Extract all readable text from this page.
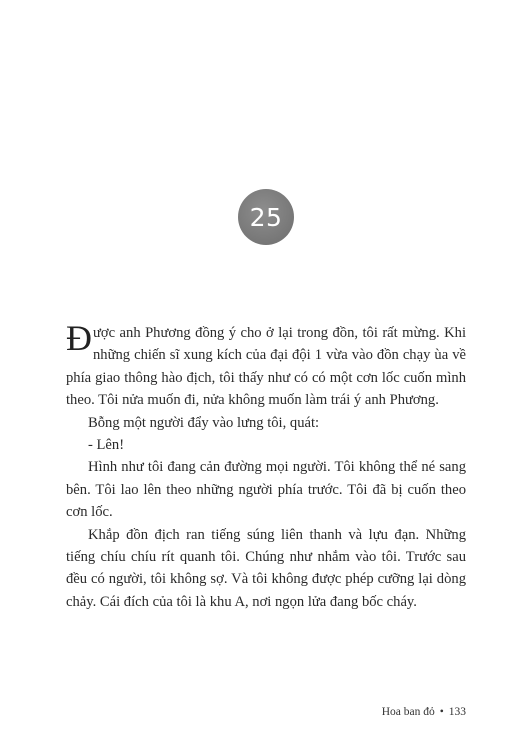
25

Được anh Phương đồng ý cho ở lại trong đồn, tôi rất mừng. Khi những chiến sĩ xung kích của đại đội 1 vừa vào đồn chạy ùa về phía giao thông hào địch, tôi thấy như có có một cơn lốc cuốn mình theo. Tôi nửa muốn đi, nửa không muốn làm trái ý anh Phương.

Bỗng một người đẩy vào lưng tôi, quát:

- Lên!

Hình như tôi đang cản đường mọi người. Tôi không thể né sang bên. Tôi lao lên theo những người phía trước. Tôi đã bị cuốn theo cơn lốc.

Khắp đồn địch ran tiếng súng liên thanh và lựu đạn. Những tiếng chíu chíu rít quanh tôi. Chúng như nhắm vào tôi. Trước sau đều có người, tôi không sợ. Và tôi không được phép cưỡng lại dòng chảy. Cái đích của tôi là khu A, nơi ngọn lửa đang bốc cháy.

Hoa ban đỏ • 133
